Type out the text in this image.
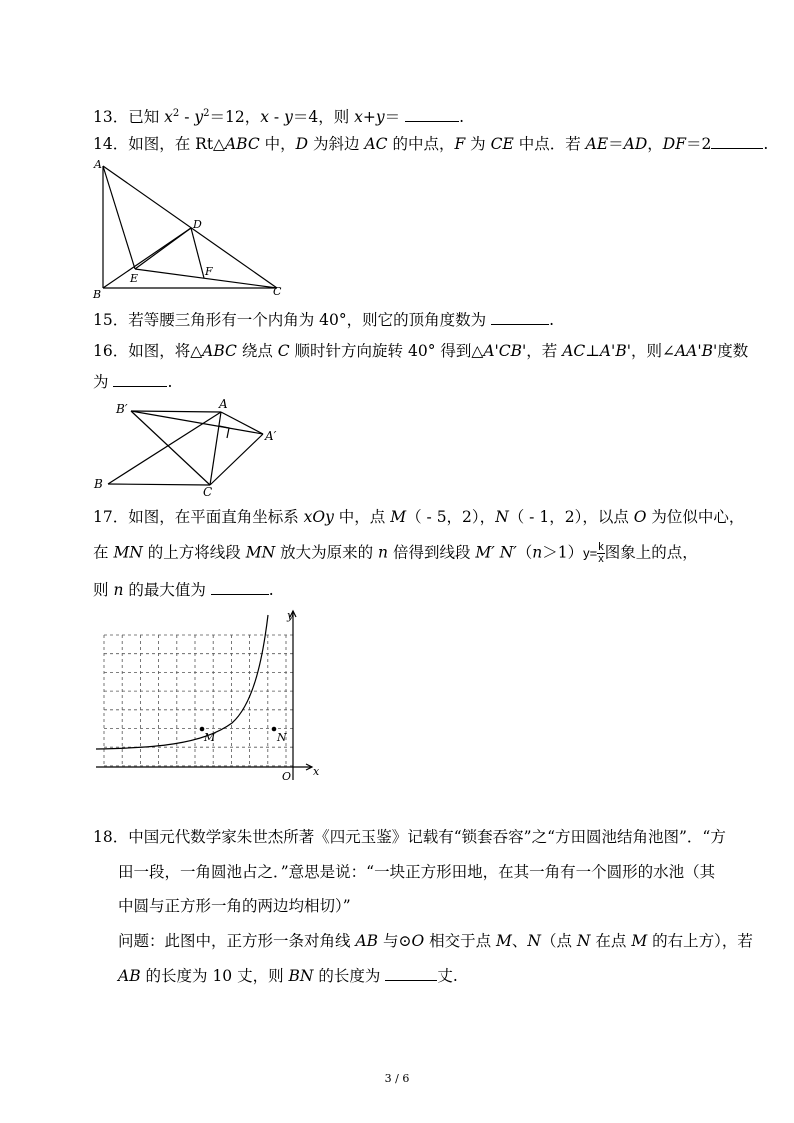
13．已知 $x^2 - y^2=12$，x - y＝4，则 x+y＝	.
14．如图，在 Rt△ABC 中，D 为斜边 AC 的中点，F 为 CE 中点．若 AE＝AD，DF＝2	.
A
B	C
D
E
F
15．若等腰三角形有一个内角为 40°，则它的顶角度数为	.
16．如图，将△ABC 绕点 C 顺时针方向旋转 40° 得到△A'CB'，若 AC⊥A'B'，则∠AA'B'度数
为	.
B′	A
A′
B
C
17．如图，在平面直角坐标系 xOy 中，点 M（ - 5，2），N（ - 1，2），以点 O 为位似中心，
在 MN 的上方将线段 MN 放大为原来的 n 倍得到线段 M′ $N'(n>1)y= \frac{k}{x}$ 图象上的点，
则 n 的最大值为	.
y
x
O
M	N
18．中国元代数学家朱世杰所著《四元玉鉴》记载有“锁套吞容”之“方田圆池结角池图”．“方
田一段，一角圆池占之．”意思是说：“一块正方形田地，在其一角有一个圆形的水池（其
中圆与正方形一角的两边均相切）”
问题：此图中，正方形一条对角线 AB 与⊙O 相交于点 M、N（点 N 在点 M 的右上方），若
AB 的长度为 10 丈，则 BN 的长度为	丈.
3 / 6
